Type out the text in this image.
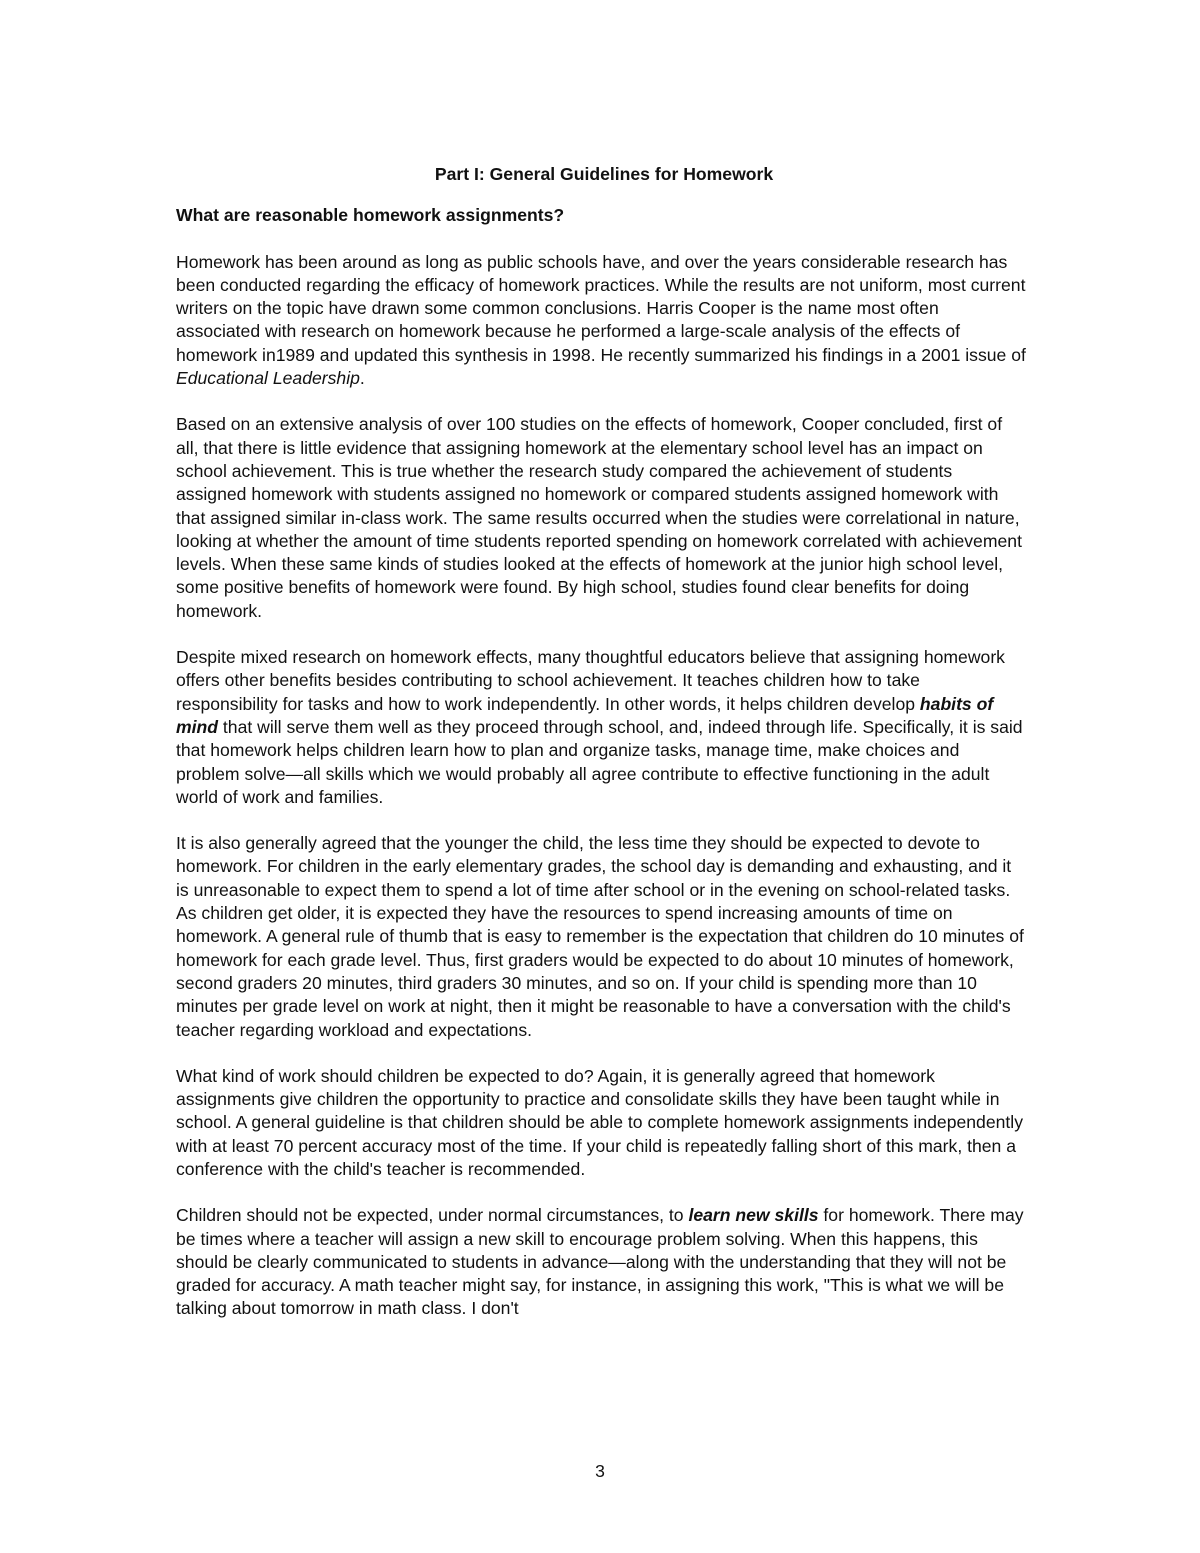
Part I: General Guidelines for Homework
What are reasonable homework assignments?

Homework has been around as long as public schools have, and over the years considerable research has been conducted regarding the efficacy of homework practices. While the results are not uniform, most current writers on the topic have drawn some common conclusions. Harris Cooper is the name most often associated with research on homework because he performed a large-scale analysis of the effects of homework in1989 and updated this synthesis in 1998. He recently summarized his findings in a 2001 issue of Educational Leadership.

Based on an extensive analysis of over 100 studies on the effects of homework, Cooper concluded, first of all, that there is little evidence that assigning homework at the elementary school level has an impact on school achievement. This is true whether the research study compared the achievement of students assigned homework with students assigned no homework or compared students assigned homework with that assigned similar in-class work. The same results occurred when the studies were correlational in nature, looking at whether the amount of time students reported spending on homework correlated with achievement levels. When these same kinds of studies looked at the effects of homework at the junior high school level, some positive benefits of homework were found. By high school, studies found clear benefits for doing homework.

Despite mixed research on homework effects, many thoughtful educators believe that assigning homework offers other benefits besides contributing to school achievement. It teaches children how to take responsibility for tasks and how to work independently. In other words, it helps children develop habits of mind that will serve them well as they proceed through school, and, indeed through life. Specifically, it is said that homework helps children learn how to plan and organize tasks, manage time, make choices and problem solve—all skills which we would probably all agree contribute to effective functioning in the adult world of work and families.

It is also generally agreed that the younger the child, the less time they should be expected to devote to homework. For children in the early elementary grades, the school day is demanding and exhausting, and it is unreasonable to expect them to spend a lot of time after school or in the evening on school-related tasks. As children get older, it is expected they have the resources to spend increasing amounts of time on homework. A general rule of thumb that is easy to remember is the expectation that children do 10 minutes of homework for each grade level. Thus, first graders would be expected to do about 10 minutes of homework, second graders 20 minutes, third graders 30 minutes, and so on. If your child is spending more than 10 minutes per grade level on work at night, then it might be reasonable to have a conversation with the child's teacher regarding workload and expectations.

What kind of work should children be expected to do? Again, it is generally agreed that homework assignments give children the opportunity to practice and consolidate skills they have been taught while in school. A general guideline is that children should be able to complete homework assignments independently with at least 70 percent accuracy most of the time. If your child is repeatedly falling short of this mark, then a conference with the child's teacher is recommended.

Children should not be expected, under normal circumstances, to learn new skills for homework. There may be times where a teacher will assign a new skill to encourage problem solving. When this happens, this should be clearly communicated to students in advance—along with the understanding that they will not be graded for accuracy. A math teacher might say, for instance, in assigning this work, "This is what we will be talking about tomorrow in math class. I don't

3
